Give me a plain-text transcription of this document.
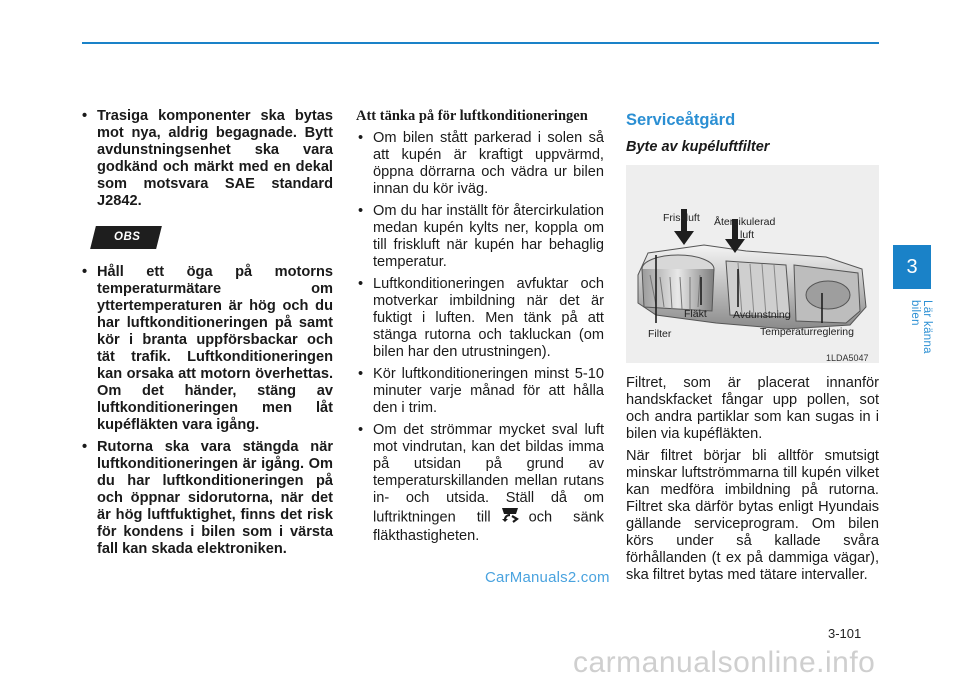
• Trasiga komponenter ska bytas mot nya, aldrig begagnade. Bytt avdunstningsenhet ska vara godkänd och märkt med en dekal som motsvara SAE standard J2842.
OBS
• Håll ett öga på motorns temperaturmätare om yttertemperaturen är hög och du har luftkonditioneringen på samt kör i branta uppförsbackar och tät trafik. Luftkonditioneringen kan orsaka att motorn överhettas. Om det händer, stäng av luftkonditioneringen men låt kupéfläkten vara igång.
• Rutorna ska vara stängda när luftkonditioneringen är igång. Om du har luftkonditioneringen på och öppnar sidorutorna, när det är hög luftfuktighet, finns det risk för kondens i bilen som i värsta fall kan skada elektroniken.
Att tänka på för luftkonditioneringen
• Om bilen stått parkerad i solen så att kupén är kraftigt uppvärmd, öppna dörrarna och vädra ur bilen innan du kör iväg.
• Om du har inställt för återcirkulation medan kupén kylts ner, koppla om till friskluft när kupén har behaglig temperatur.
• Luftkonditioneringen avfuktar och motverkar imbildning när det är fuktigt i luften. Men tänk på att stänga rutorna och takluckan (om bilen har den utrustningen).
• Kör luftkonditioneringen minst 5-10 minuter varje månad för att hålla den i trim.
• Om det strömmar mycket sval luft mot vindrutan, kan det bildas imma på utsidan på grund av temperaturskillanden mellan rutans in- och utsida. Ställ då om luftriktningen till	och sänk fläkthastigheten.
Serviceåtgärd
Byte av kupéluftfilter
Friskluft Återcikulerad
luft
Fläkt Avdunstning
Filter	Temperaturreglering
1LDA5047

Filtret, som är placerat innanför handskfacket fångar upp pollen, sot och andra partiklar som kan sugas in i bilen via kupéfläkten.

När filtret börjar bli alltför smutsigt minskar luftströmmarna till kupén vilket kan medföra imbildning på rutorna. Filtret ska därför bytas enligt Hyundais gällande serviceprogram. Om bilen körs under så kallade svåra förhållanden (t ex på dammiga vägar), ska filtret bytas med tätare intervaller.

3
Lär känna bilen
CarManuals2.com
3-101
carmanualsonline.info
